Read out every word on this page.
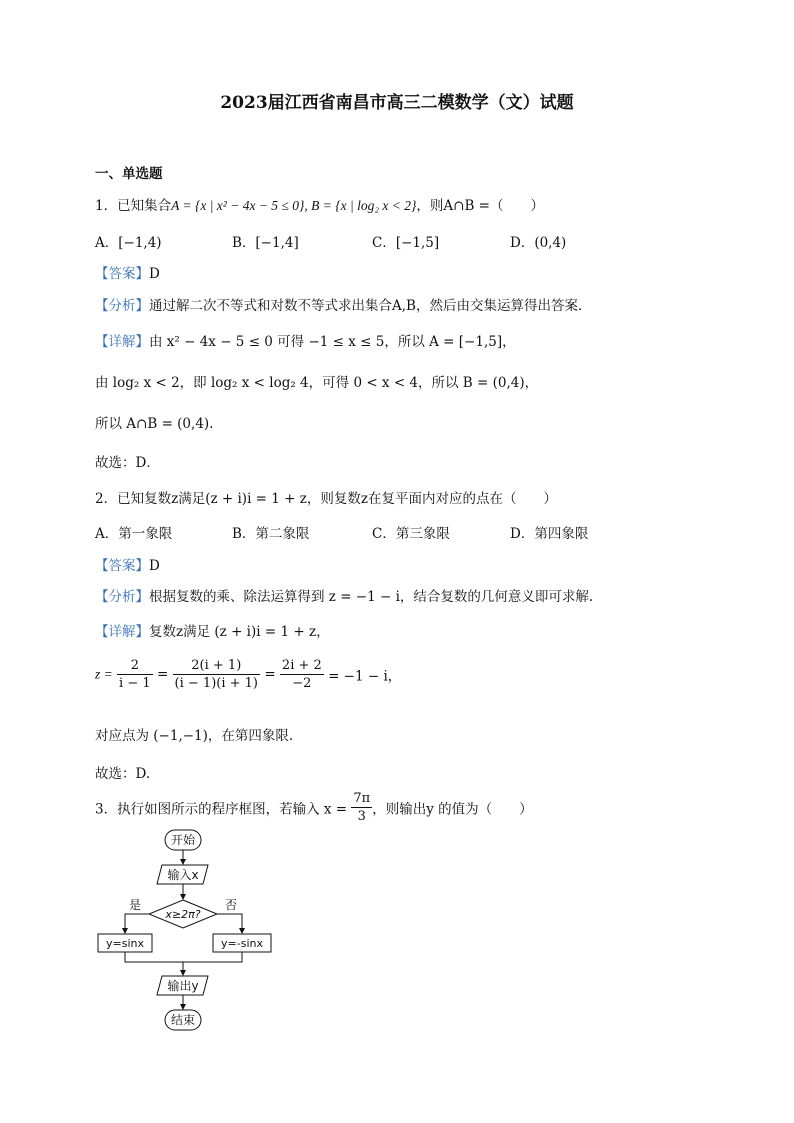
2023届江西省南昌市高三二模数学（文）试题
一、单选题
1．已知集合A = {x | x² − 4x − 5 ≤ 0}, B = {x | log₂ x < 2}，则A∩B =（　　）
A．[−1,4)	B．[−1,4]	C．[−1,5]	D．(0,4)
【答案】D
【分析】通过解二次不等式和对数不等式求出集合A,B，然后由交集运算得出答案．
【详解】由 x² − 4x − 5 ≤ 0 可得 −1 ≤ x ≤ 5，所以 A = [−1,5]，
由 log₂ x < 2，即 log₂ x < log₂ 4，可得 0 < x < 4，所以 B = (0,4)，
所以 A∩B = (0,4).
故选：D．
2．已知复数z满足(z + i)i = 1 + z，则复数z在复平面内对应的点在（　　）
A．第一象限	B．第二象限	C．第三象限	D．第四象限
【答案】D
【分析】根据复数的乘、除法运算得到 z = −1 − i，结合复数的几何意义即可求解.
【详解】复数z满足 (z + i)i = 1 + z，
$z = \frac{2}{i - 1} = \frac{2(i + 1)}{(i - 1)(i + 1)} = \frac{2i + 2}{-2} = -1 - i$，
对应点为 (−1,−1)，在第四象限.
故选：D.
3．执行如图所示的程序框图，若输入 $x = \frac{7\pi}{3}$ ，则输出y 的值为（　　）
开始
输入x
x≥2π?
是	否
y=sinx	y=-sinx
输出y
结束
